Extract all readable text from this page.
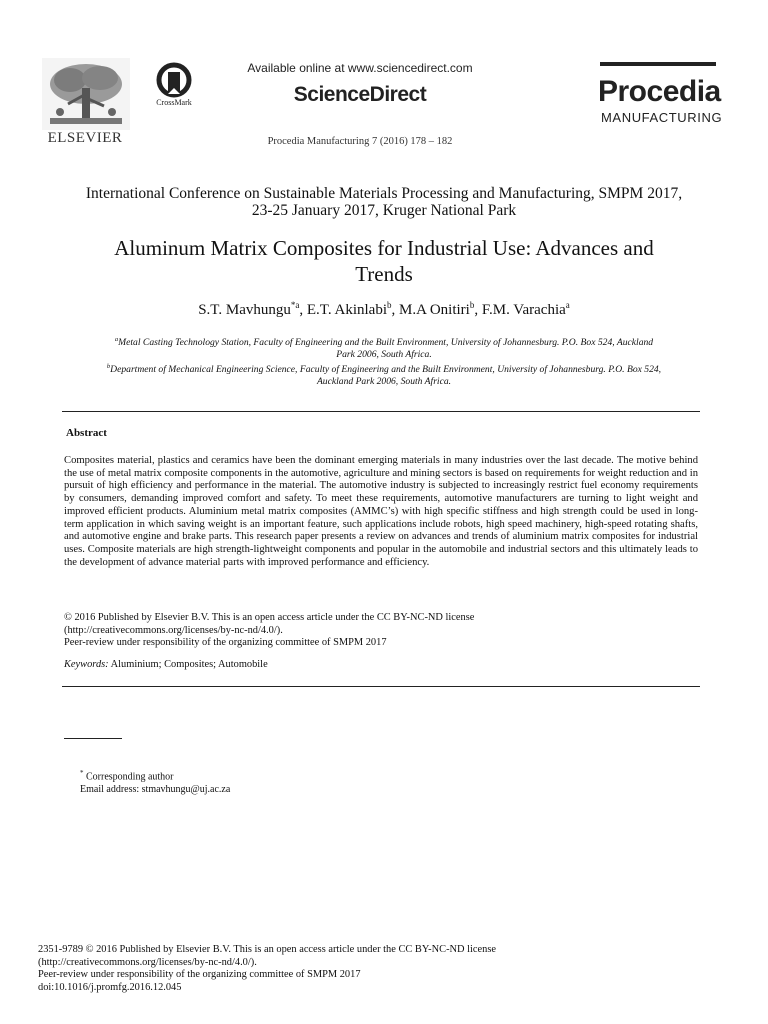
ELSEVIER
CrossMark
Available online at www.sciencedirect.com
ScienceDirect
Procedia Manufacturing 7 (2016) 178 – 182
Procedia
MANUFACTURING
International Conference on Sustainable Materials Processing and Manufacturing, SMPM 2017,
23-25 January 2017, Kruger National Park
Aluminum Matrix Composites for Industrial Use: Advances and
Trends
S.T. Mavhungu$^{*a}$, E.T. Akinlabi$^b$, M.A Onitiri$^b$, F.M. Varachia$^a$
$^a$Metal Casting Technology Station, Faculty of Engineering and the Built Environment, University of Johannesburg. P.O. Box 524, Auckland
Park 2006, South Africa.
$^b$Department of Mechanical Engineering Science, Faculty of Engineering and the Built Environment, University of Johannesburg. P.O. Box 524,
Auckland Park 2006, South Africa.
Abstract
Composites material, plastics and ceramics have been the dominant emerging materials in many industries over the last decade. The motive behind the use of metal matrix composite components in the automotive, agriculture and mining sectors is based on requirements for weight reduction and in pursuit of high efficiency and performance in the material. The automotive industry is subjected to increasingly restrict fuel economy requirements by consumers, demanding improved comfort and safety. To meet these requirements, automotive manufacturers are turning to light weight and improved efficient products. Aluminium metal matrix composites (AMMC’s) with high specific stiffness and high strength could be used in long-term application in which saving weight is an important feature, such applications include robots, high speed machinery, high-speed rotating shafts, and automotive engine and brake parts. This research paper presents a review on advances and trends of aluminium matrix composites for industrial uses. Composite materials are high strength-lightweight components and popular in the automobile and industrial sectors and this ultimately leads to the development of advance material parts with improved performance and efficiency.
© 2016 Published by Elsevier B.V. This is an open access article under the CC BY-NC-ND license
(http://creativecommons.org/licenses/by-nc-nd/4.0/).
Peer-review under responsibility of the organizing committee of SMPM 2017
Keywords: Aluminium; Composites; Automobile
* Corresponding author
Email address: stmavhungu@uj.ac.za
2351-9789 © 2016 Published by Elsevier B.V. This is an open access article under the CC BY-NC-ND license
(http://creativecommons.org/licenses/by-nc-nd/4.0/).
Peer-review under responsibility of the organizing committee of SMPM 2017
doi:10.1016/j.promfg.2016.12.045
